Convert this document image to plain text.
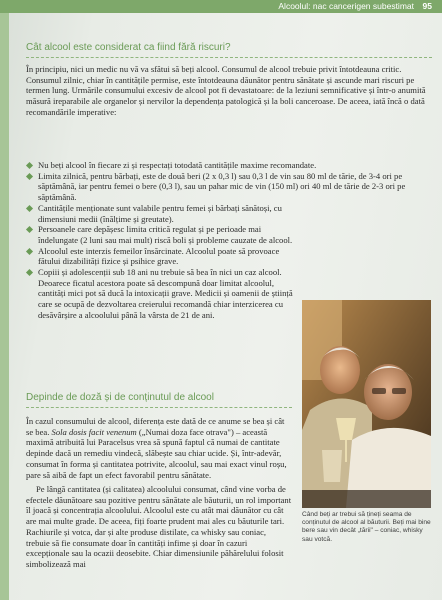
Alcoolul: nac cancerigen subestimat 95
Cât alcool este considerat ca fiind fără riscuri?
În principiu, nici un medic nu vă va sfătui să beți alcool. Consumul de alcool trebuie privit întotdeauna critic. Consumul zilnic, chiar în cantitățile permise, este întotdeauna dăunător pentru sănătate și ascunde mari riscuri pe termen lung. Urmările consumului excesiv de alcool pot fi devastatoare: de la leziuni semnificative și într-o anumită măsură ireparabile ale organelor și nervilor la dependența patologică și la boli canceroase. De aceea, iată încă o dată recomandările imperative:
Nu beți alcool în fiecare zi și respectați totodată cantitățile maxime recomandate.
Limita zilnică, pentru bărbați, este de două beri (2 x 0,3 l) sau 0,3 l de vin sau 80 ml de tărie, de 3-4 ori pe săptămână, iar pentru femei o bere (0,3 l), sau un pahar mic de vin (150 ml) ori 40 ml de tărie de 2-3 ori pe săptămână.
Cantitățile menționate sunt valabile pentru femei și bărbați sănătoși, cu dimensiuni medii (înălțime și greutate).
Persoanele care depășesc limita critică regulat și pe perioade mai îndelungate (2 luni sau mai mult) riscă boli și probleme cauzate de alcool.
Alcoolul este interzis femeilor însărcinate. Alcoolul poate să provoace fătului dizabilități fizice și psihice grave.
Copiii și adolescenții sub 18 ani nu trebuie să bea în nici un caz alcool. Deoarece ficatul acestora poate să descompună doar limitat alcoolul, cantități mici pot să ducă la intoxicații grave. Medicii și oamenii de știință care se ocupă de dezvoltarea creierului recomandă chiar interzicerea cu desăvârșire a alcoolului până la vârsta de 21 de ani.
Depinde de doză și de conținutul de alcool
În cazul consumului de alcool, diferența este dată de ce anume se bea și cât se bea. Sola dosis facit venenum („Numai doza face otrava") – această maximă atribuită lui Paracelsus vrea să spună faptul că numai de cantitate depinde dacă un remediu vindecă, slăbește sau chiar ucide. Și, într-adevăr, consumat în forma și cantitatea potrivite, alcoolul, sau mai exact vinul roșu, pare să aibă de fapt un efect favorabil pentru sănătate.
Pe lângă cantitatea (și calitatea) alcoolului consumat, când vine vorba de efectele dăunătoare sau pozitive pentru sănătate ale băuturii, un rol important îl joacă și concentrația alcoolului. Alcoolul este cu atât mai dăunător cu cât are mai multe grade. De aceea, fiți foarte prudent mai ales cu băuturile tari. Rachiurile și votca, dar și alte produse distilate, ca whisky sau coniac, trebuie să fie consumate doar în cantități infime și doar în cazuri excepționale sau la ocazii deosebite. Chiar dimensiunile păhărelului folosit simbolizează mai
Când beți ar trebui să țineți seama de conținutul de alcool al băuturii. Beți mai bine bere sau vin decât „tării" – coniac, whisky sau votcă.
